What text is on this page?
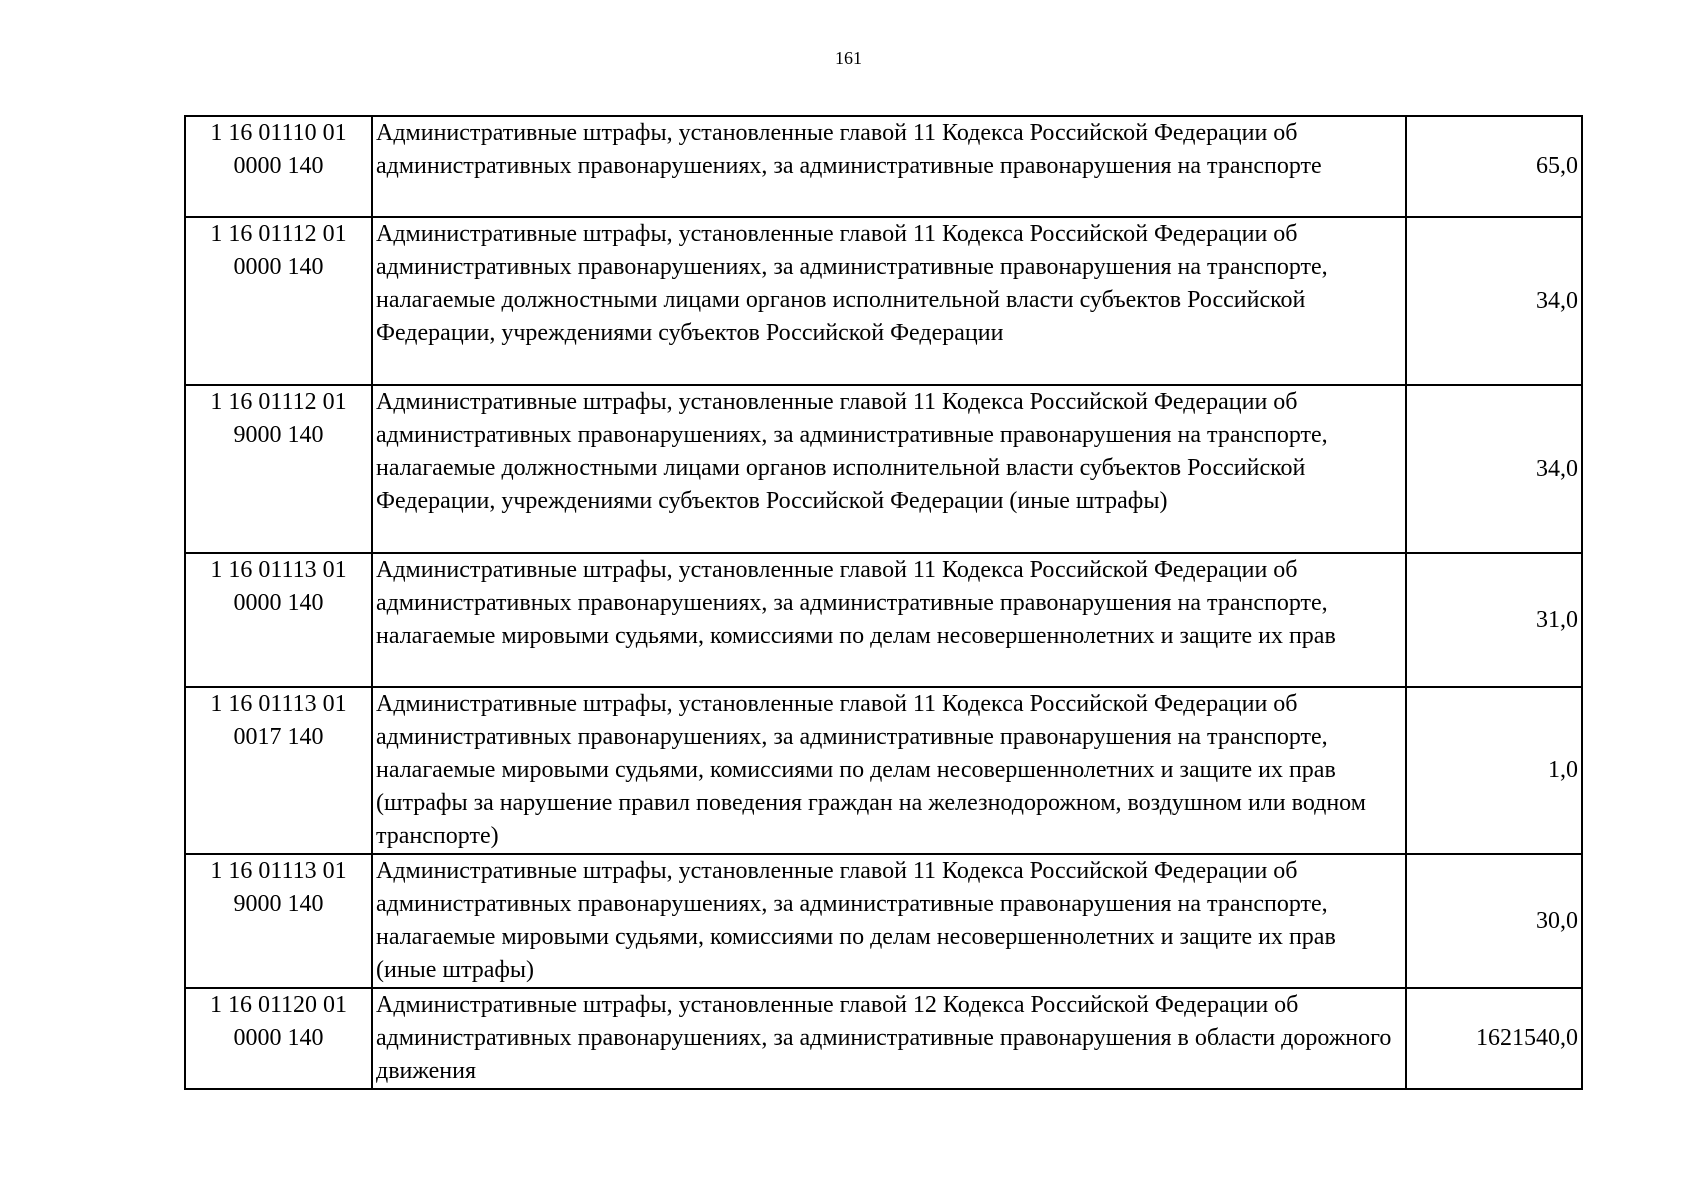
161
1 16 01110 01
0000 140	Административные штрафы, установленные главой 11 Кодекса Российской Федерации об административных правонарушениях, за административные правонарушения на транспорте	65,0

1 16 01112 01
0000 140	Административные штрафы, установленные главой 11 Кодекса Российской Федерации об административных правонарушениях, за административные правонарушения на транспорте, налагаемые должностными лицами органов исполнительной власти субъектов Российской Федерации, учреждениями субъектов Российской Федерации	34,0

1 16 01112 01
9000 140	Административные штрафы, установленные главой 11 Кодекса Российской Федерации об административных правонарушениях, за административные правонарушения на транспорте, налагаемые должностными лицами органов исполнительной власти субъектов Российской Федерации, учреждениями субъектов Российской Федерации (иные штрафы)	34,0

1 16 01113 01
0000 140	Административные штрафы, установленные главой 11 Кодекса Российской Федерации об административных правонарушениях, за административные правонарушения на транспорте, налагаемые мировыми судьями, комиссиями по делам несовершеннолетних и защите их прав	31,0

1 16 01113 01
0017 140	Административные штрафы, установленные главой 11 Кодекса Российской Федерации об административных правонарушениях, за административные правонарушения на транспорте, налагаемые мировыми судьями, комиссиями по делам несовершеннолетних и защите их прав (штрафы за нарушение правил поведения граждан на железнодорожном, воздушном или водном транспорте)	1,0

1 16 01113 01
9000 140	Административные штрафы, установленные главой 11 Кодекса Российской Федерации об административных правонарушениях, за административные правонарушения на транспорте, налагаемые мировыми судьями, комиссиями по делам несовершеннолетних и защите их прав (иные штрафы)	30,0

1 16 01120 01
0000 140	Административные штрафы, установленные главой 12 Кодекса Российской Федерации об административных правонарушениях, за административные правонарушения в области дорожного движения	1621540,0
